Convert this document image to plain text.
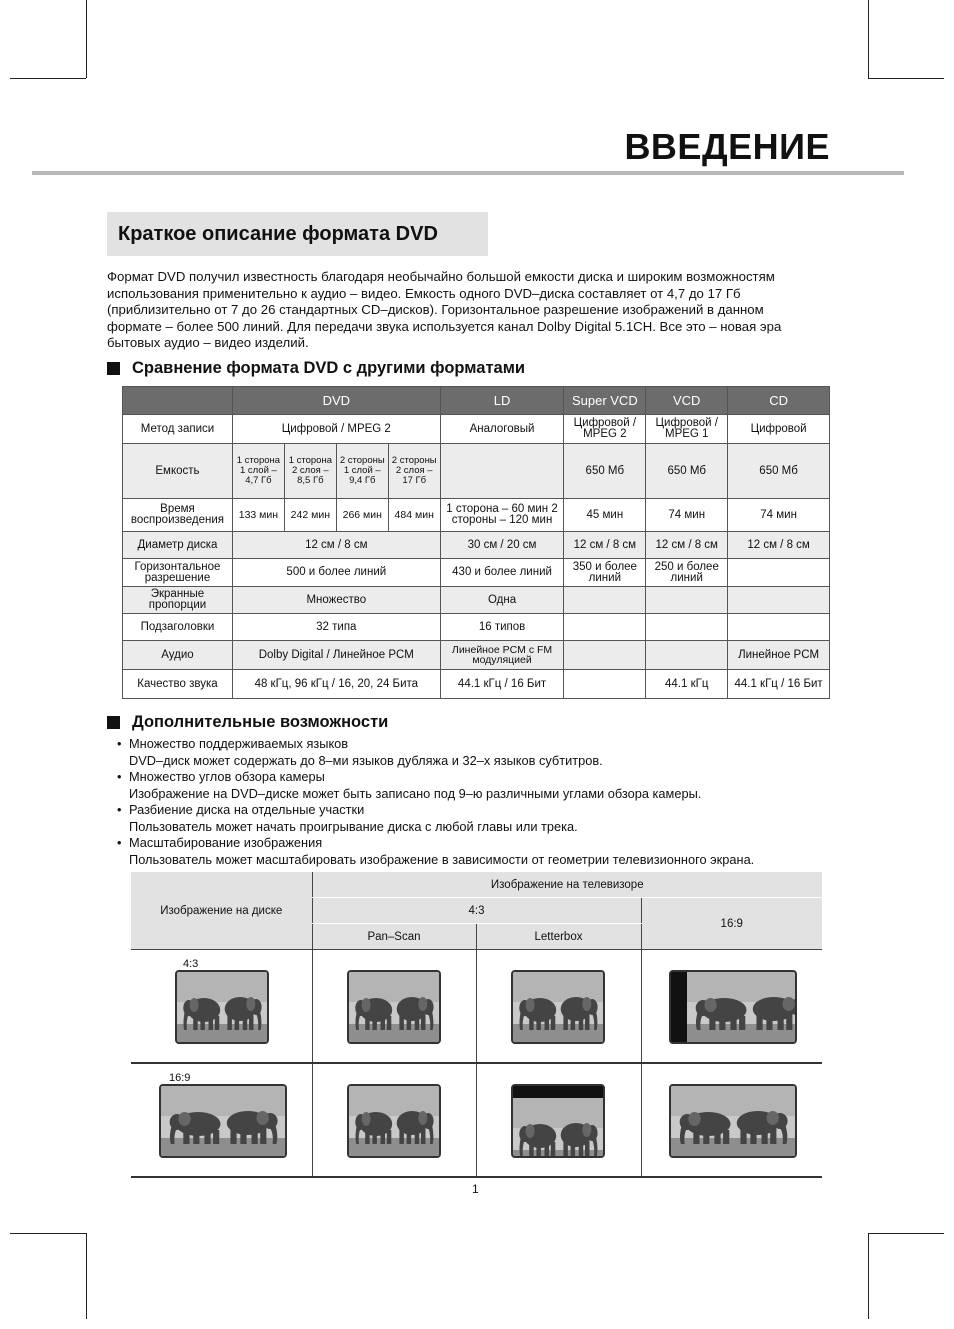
ВВЕДЕНИЕ
Краткое описание формата DVD
Формат DVD получил известность благодаря необычайно большой емкости диска и широким возможностям
использования применительно к аудио – видео. Емкость одного DVD–диска составляет от 4,7 до 17 Гб
(приблизительно от 7 до 26 стандартных CD–дисков). Горизонтальное разрешение изображений в данном
формате – более 500 линий. Для передачи звука используется канал Dolby Digital 5.1CH. Все это – новая эра
бытовых аудио – видео изделий.
Сравнение формата DVD с другими форматами
	DVD				LD	Super VCD	VCD	CD
Метод записи	Цифровой / MPEG 2				Аналоговый	Цифровой / MPEG 2	Цифровой / MPEG 1	Цифровой
Емкость	1 сторона 1 слой – 4,7 Гб	1 сторона 2 слоя – 8,5 Гб	2 стороны 1 слой – 9,4 Гб	2 стороны 2 слоя – 17 Гб		650 Мб	650 Мб	650 Мб
Время воспроизведения	133 мин	242 мин	266 мин	484 мин	1 сторона – 60 мин 2 стороны – 120 мин	45 мин	74 мин	74 мин
Диаметр диска	12 см / 8 см				30 см / 20 см	12 см / 8 см	12 см / 8 см	12 см / 8 см
Горизонтальное разрешение	500 и более линий				430 и более линий	350 и более линий	250 и более линий	
Экранные пропорции	Множество				Одна			
Подзаголовки	32 типа				16 типов			
Аудио	Dolby Digital / Линейное PCM				Линейное PCM с FM модуляцией			Линейное PCM
Качество звука	48 кГц, 96 кГц / 16, 20, 24 Бита				44.1 кГц / 16 Бит		44.1 кГц	44.1 кГц / 16 Бит
Дополнительные возможности
• Множество поддерживаемых языков
DVD–диск может содержать до 8–ми языков дубляжа и 32–х языков субтитров.
• Множество углов обзора камеры
Изображение на DVD–диске может быть записано под 9–ю различными углами обзора камеры.
• Разбиение диска на отдельные участки
Пользователь может начать проигрывание диска с любой главы или трека.
• Масштабирование изображения
Пользователь может масштабировать изображение в зависимости от геометрии телевизионного экрана.
Изображение на диске	Изображение на телевизоре		
	4:3		16:9
	Pan–Scan	Letterbox	

4:3

16:9

1
